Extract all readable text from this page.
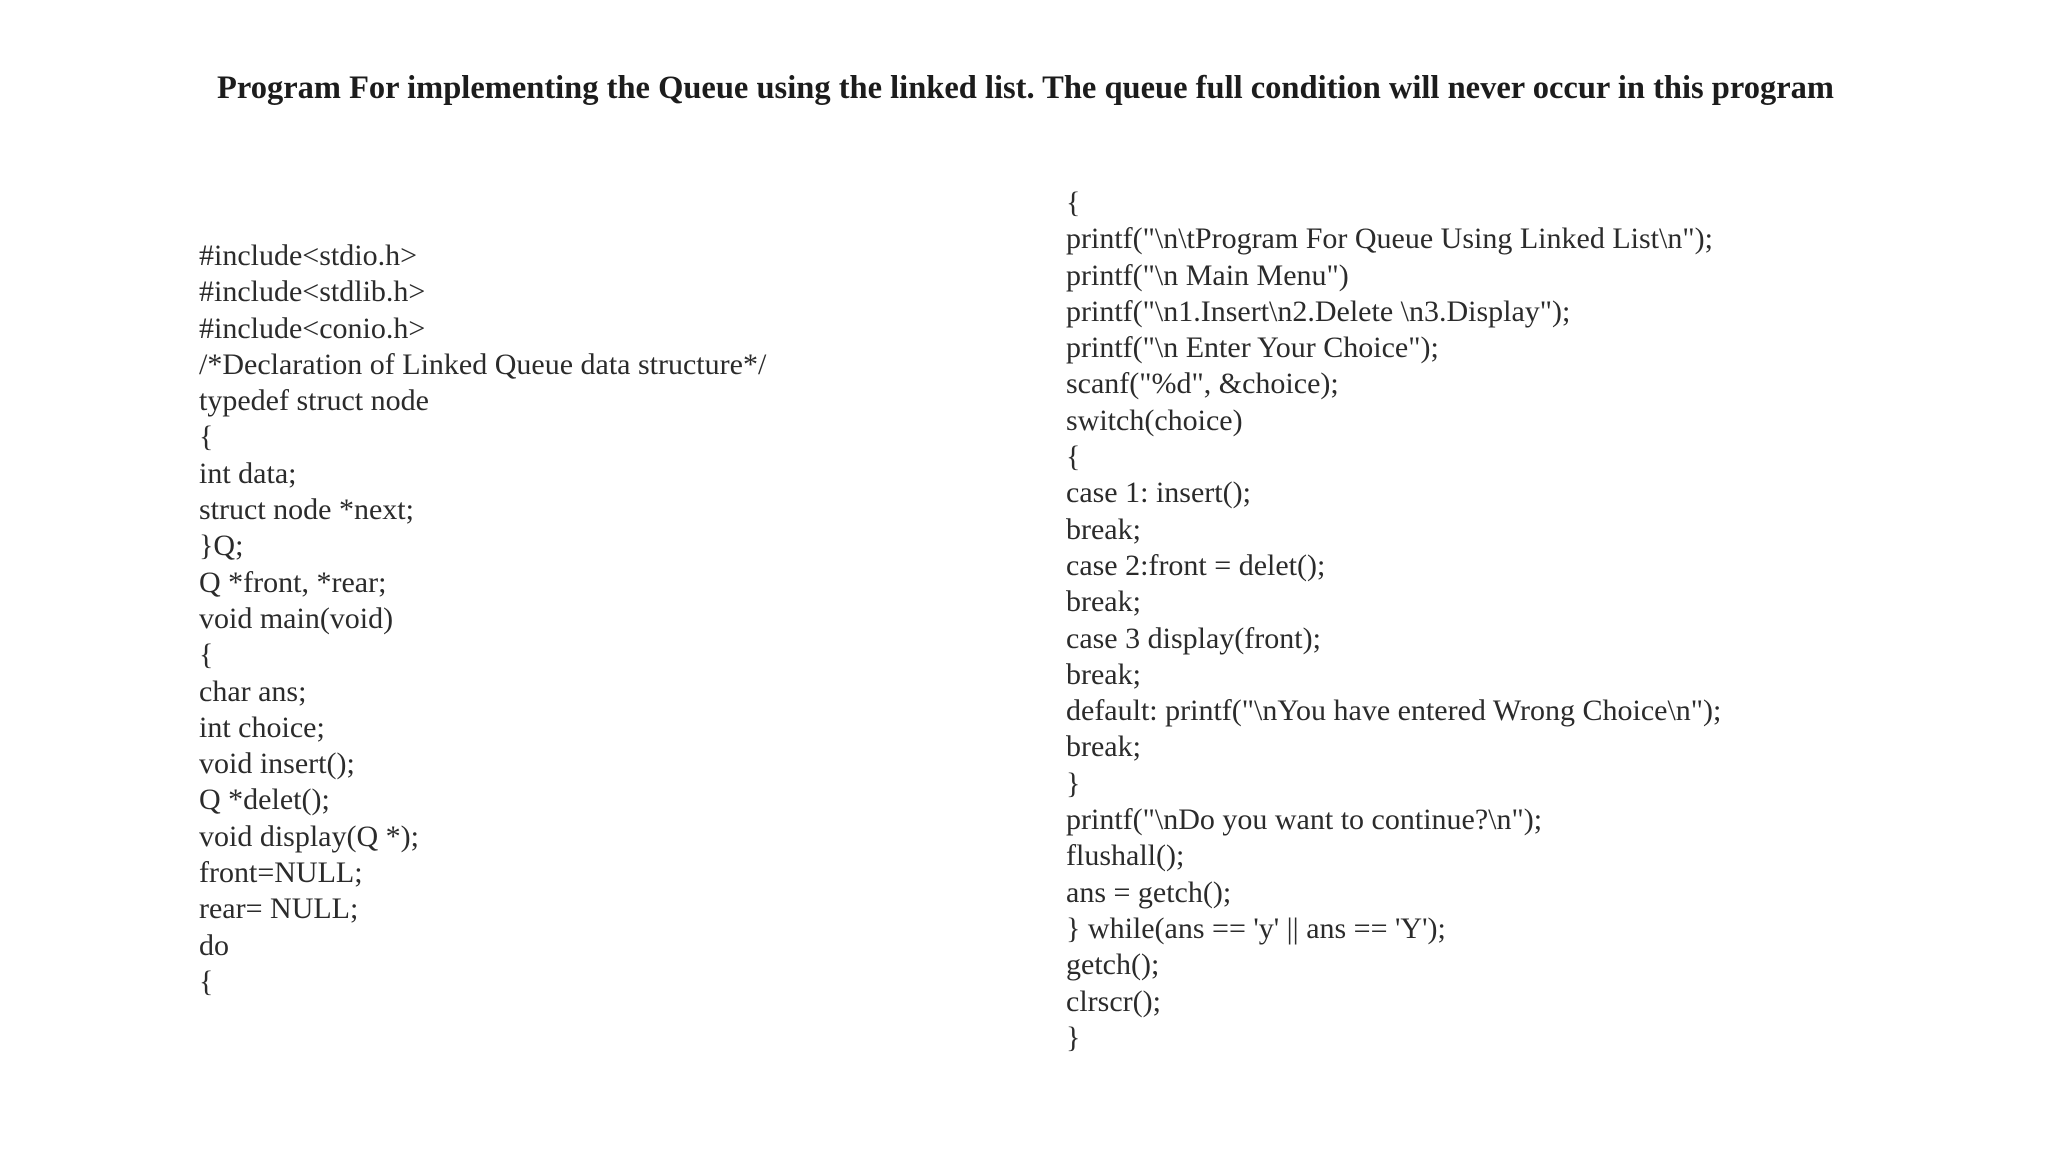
Program For implementing the Queue using the linked list. The queue full condition will never occur in this program
#include<stdio.h>
#include<stdlib.h>
#include<conio.h>
/*Declaration of Linked Queue data structure*/
typedef struct node
{
int data;
struct node *next;
}Q;
Q *front, *rear;
void main(void)
{
char ans;
int choice;
void insert();
Q *delet();
void display(Q *);
front=NULL;
rear= NULL;
do
{
{
printf("\n\tProgram For Queue Using Linked List\n");
printf("\n Main Menu")
printf("\n1.Insert\n2.Delete \n3.Display");
printf("\n Enter Your Choice");
scanf("%d", &choice);
switch(choice)
{
case 1: insert();
break;
case 2:front = delet();
break;
case 3 display(front);
break;
default: printf("\nYou have entered Wrong Choice\n");
break;
}
printf("\nDo you want to continue?\n");
flushall();
ans = getch();
} while(ans == 'y' || ans == 'Y');
getch();
clrscr();
}
